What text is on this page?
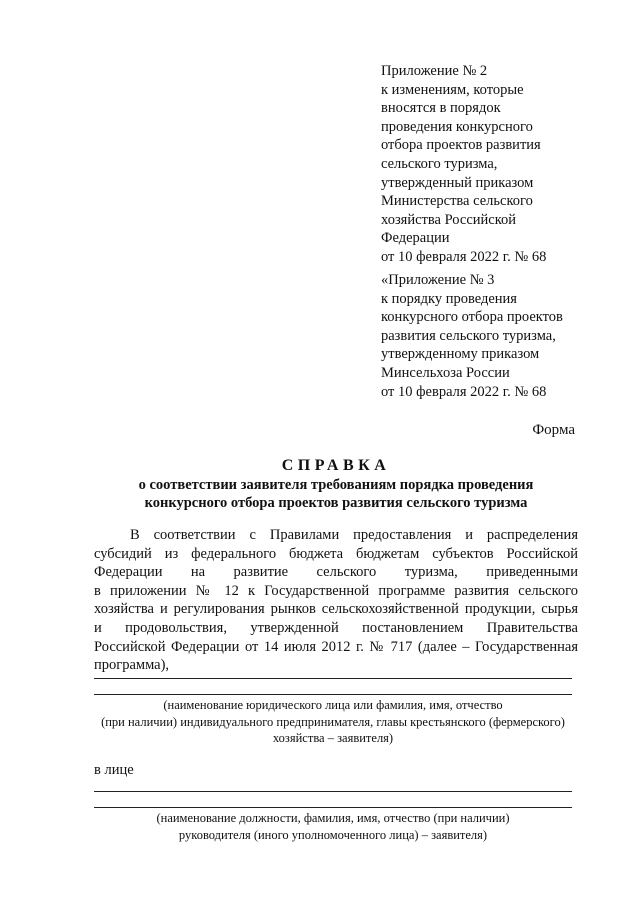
Приложение № 2
к изменениям, которые
вносятся в порядок
проведения конкурсного
отбора проектов развития
сельского туризма,
утвержденный приказом
Министерства сельского
хозяйства Российской
Федерации
от 10 февраля 2022 г. № 68
«Приложение № 3
к порядку проведения
конкурсного отбора проектов
развития сельского туризма,
утвержденному приказом
Минсельхоза России
от 10 февраля 2022 г. № 68
Форма
СПРАВКА
о соответствии заявителя требованиям порядка проведения
конкурсного отбора проектов развития сельского туризма
В соответствии с Правилами предоставления и распределения
субсидий из федерального бюджета бюджетам субъектов Российской
Федерации на развитие сельского туризма, приведенными
в приложении № 12 к Государственной программе развития сельского
хозяйства и регулирования рынков сельскохозяйственной продукции, сырья
и продовольствия, утвержденной постановлением Правительства
Российской Федерации от 14 июля 2012 г. № 717 (далее – Государственная
программа),
(наименование юридического лица или фамилия, имя, отчество
(при наличии) индивидуального предпринимателя, главы крестьянского (фермерского)
хозяйства – заявителя)
в лице
(наименование должности, фамилия, имя, отчество (при наличии)
руководителя (иного уполномоченного лица) – заявителя)
